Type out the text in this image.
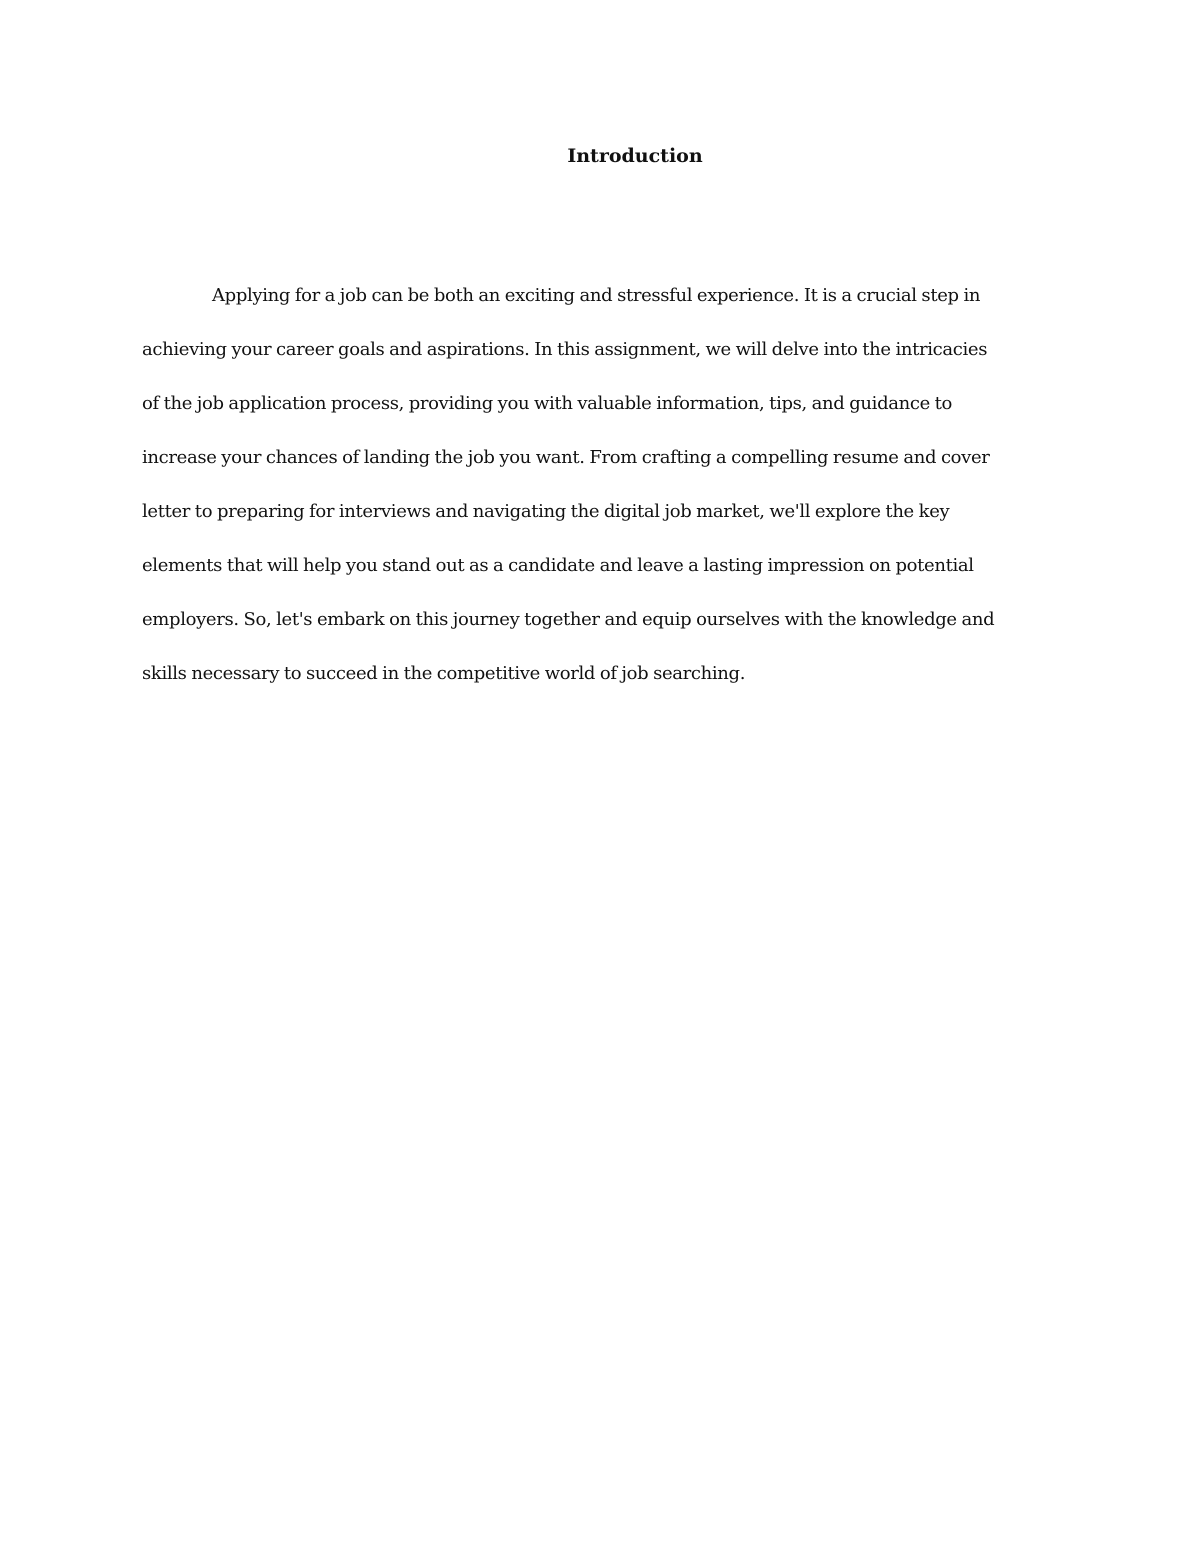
Introduction
Applying for a job can be both an exciting and stressful experience. It is a crucial step in
achieving your career goals and aspirations. In this assignment, we will delve into the intricacies
of the job application process, providing you with valuable information, tips, and guidance to
increase your chances of landing the job you want. From crafting a compelling resume and cover
letter to preparing for interviews and navigating the digital job market, we'll explore the key
elements that will help you stand out as a candidate and leave a lasting impression on potential
employers. So, let's embark on this journey together and equip ourselves with the knowledge and
skills necessary to succeed in the competitive world of job searching.
